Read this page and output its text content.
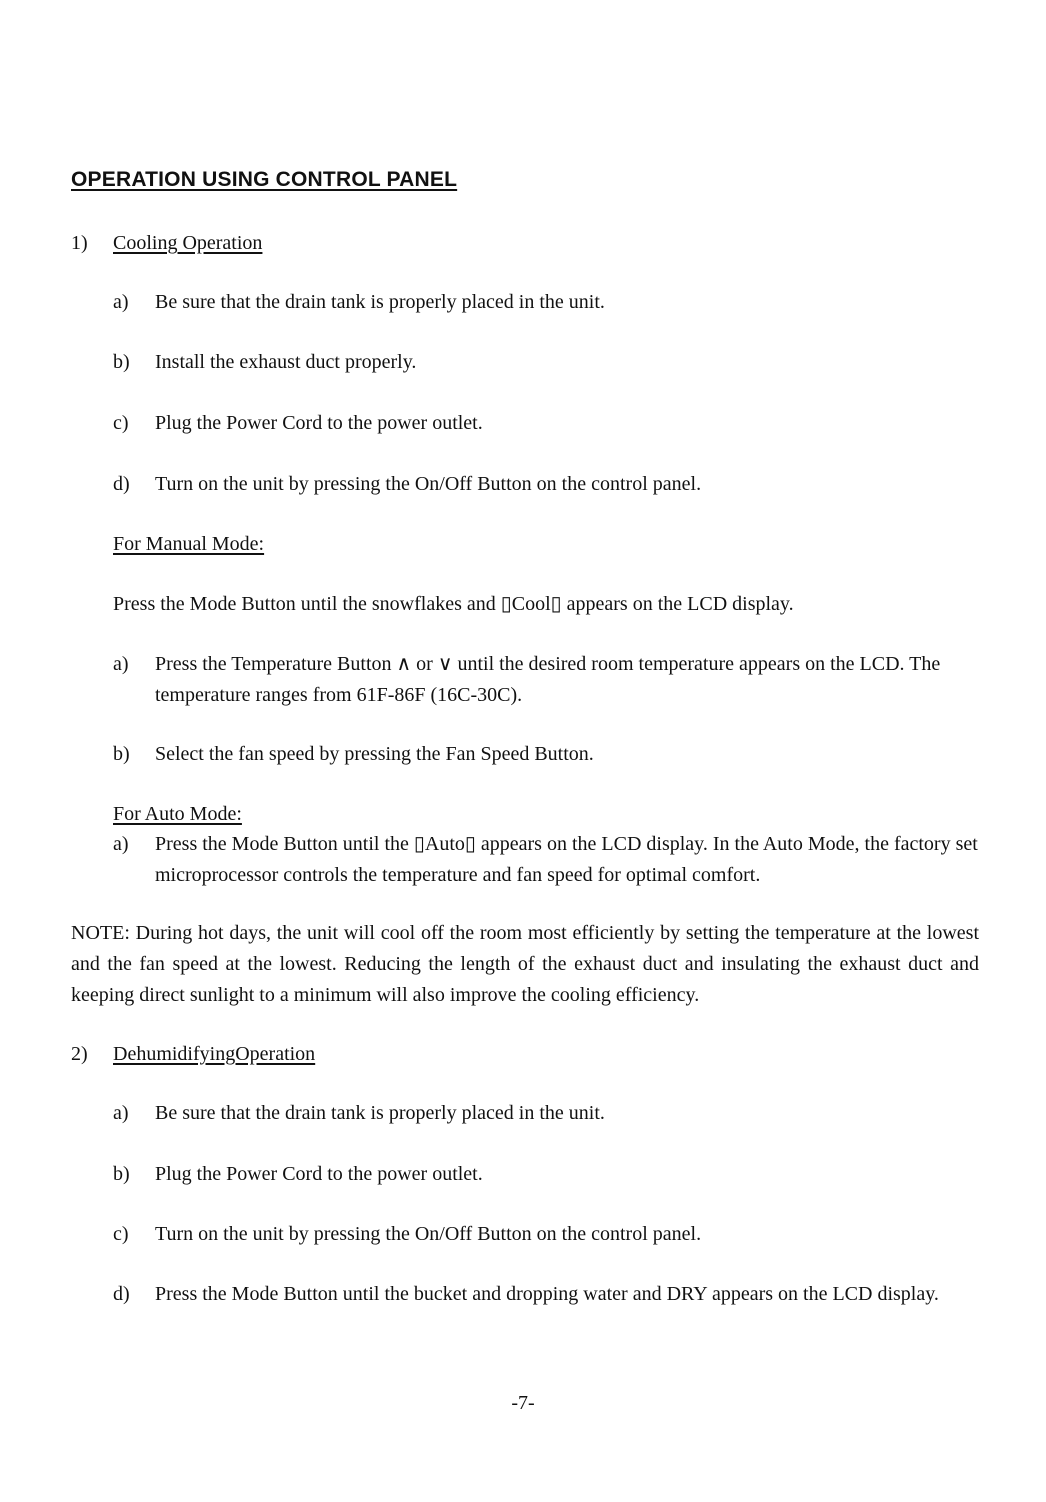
OPERATION USING CONTROL PANEL
1) Cooling Operation
a) Be sure that the drain tank is properly placed in the unit.
b) Install the exhaust duct properly.
c) Plug the Power Cord to the power outlet.
d) Turn on the unit by pressing the On/Off Button on the control panel.
For Manual Mode:
Press the Mode Button until the snowflakes and ▯Cool▯ appears on the LCD display.
a) Press the Temperature Button ∧ or ∨ until the desired room temperature appears on the LCD. The temperature ranges from 61F-86F (16C-30C).
b) Select the fan speed by pressing the Fan Speed Button.
For Auto Mode:
a) Press the Mode Button until the ▯Auto▯ appears on the LCD display. In the Auto Mode, the factory set microprocessor controls the temperature and fan speed for optimal comfort.
NOTE: During hot days, the unit will cool off the room most efficiently by setting the temperature at the lowest and the fan speed at the lowest. Reducing the length of the exhaust duct and insulating the exhaust duct and keeping direct sunlight to a minimum will also improve the cooling efficiency.
2) DehumidifyingOperation
a) Be sure that the drain tank is properly placed in the unit.
b) Plug the Power Cord to the power outlet.
c) Turn on the unit by pressing the On/Off Button on the control panel.
d) Press the Mode Button until the bucket and dropping water and DRY appears on the LCD display.
-7-
